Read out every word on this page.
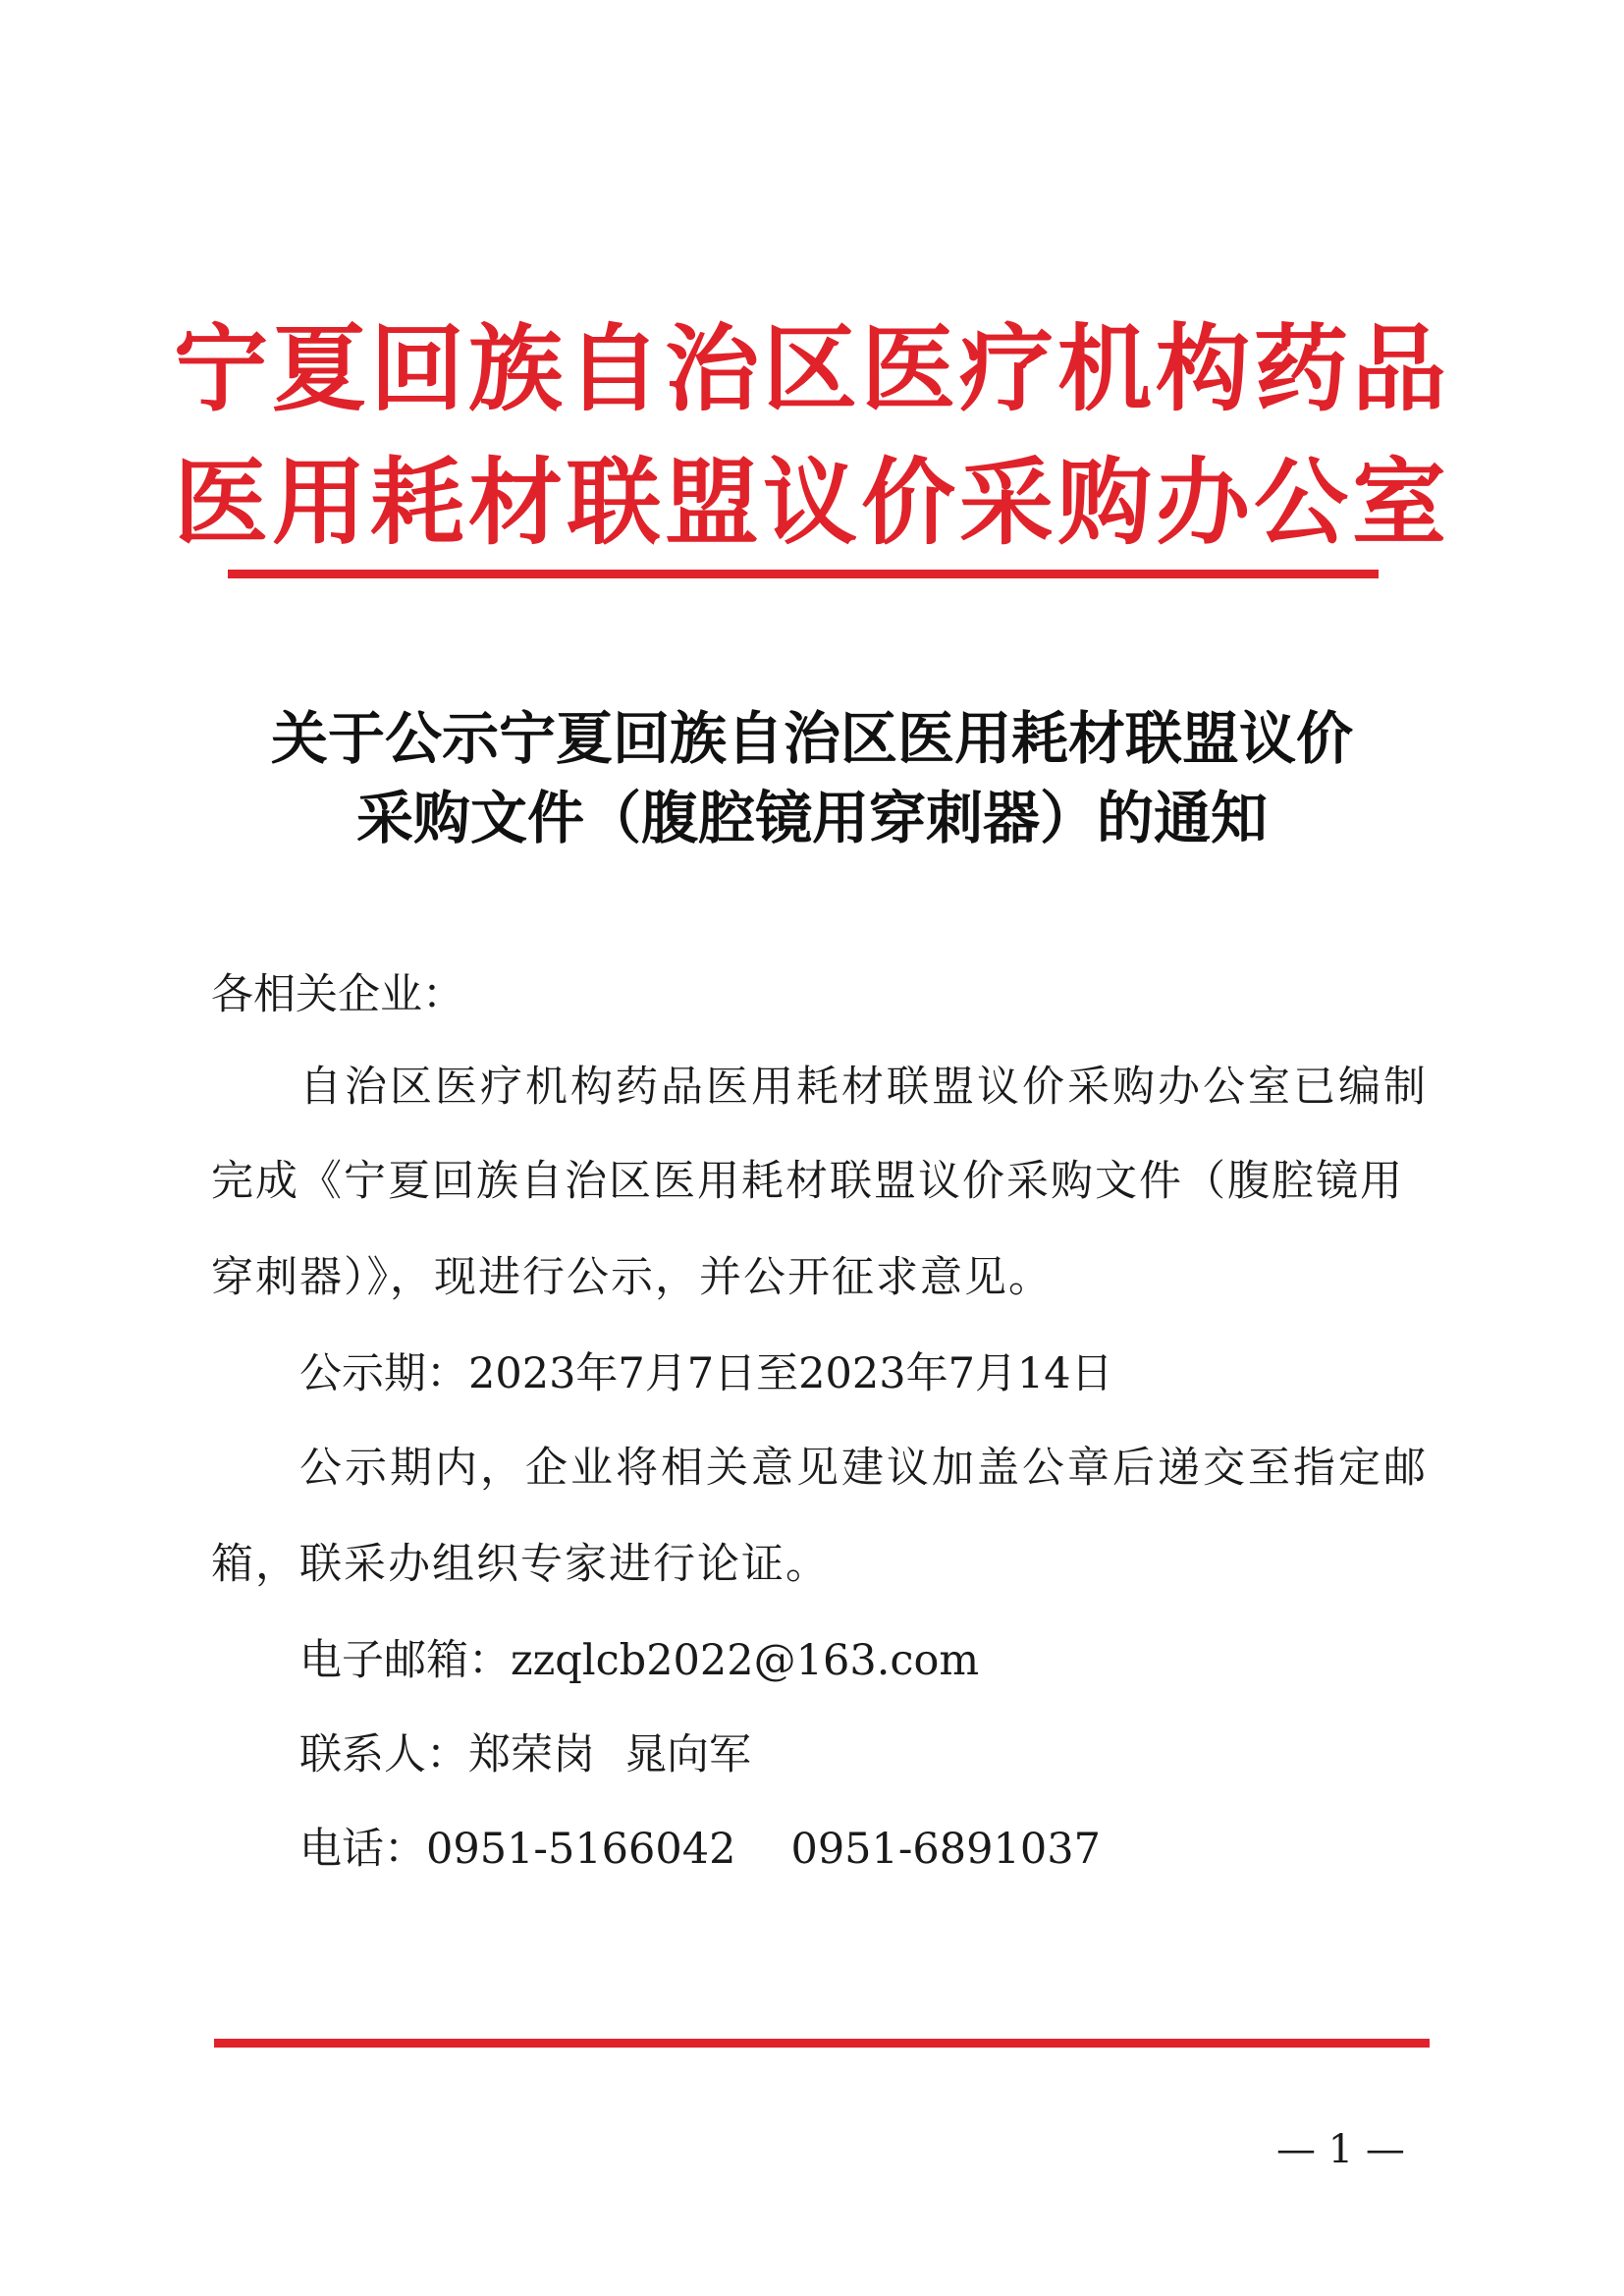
宁夏回族自治区医疗机构药品
医用耗材联盟议价采购办公室
关于公示宁夏回族自治区医用耗材联盟议价
采购文件（腹腔镜用穿刺器）的通知
各相关企业：
自治区医疗机构药品医用耗材联盟议价采购办公室已编制
完成《宁夏回族自治区医用耗材联盟议价采购文件（腹腔镜用
穿刺器）》，现进行公示，并公开征求意见。
公示期：2023年7月7日至2023年7月14日
公示期内，企业将相关意见建议加盖公章后递交至指定邮
箱，联采办组织专家进行论证。
电子邮箱：zzqlcb2022@163.com
联系人：郑荣岗 晁向军
电话：0951-5166042 0951-6891037
— 1 —
